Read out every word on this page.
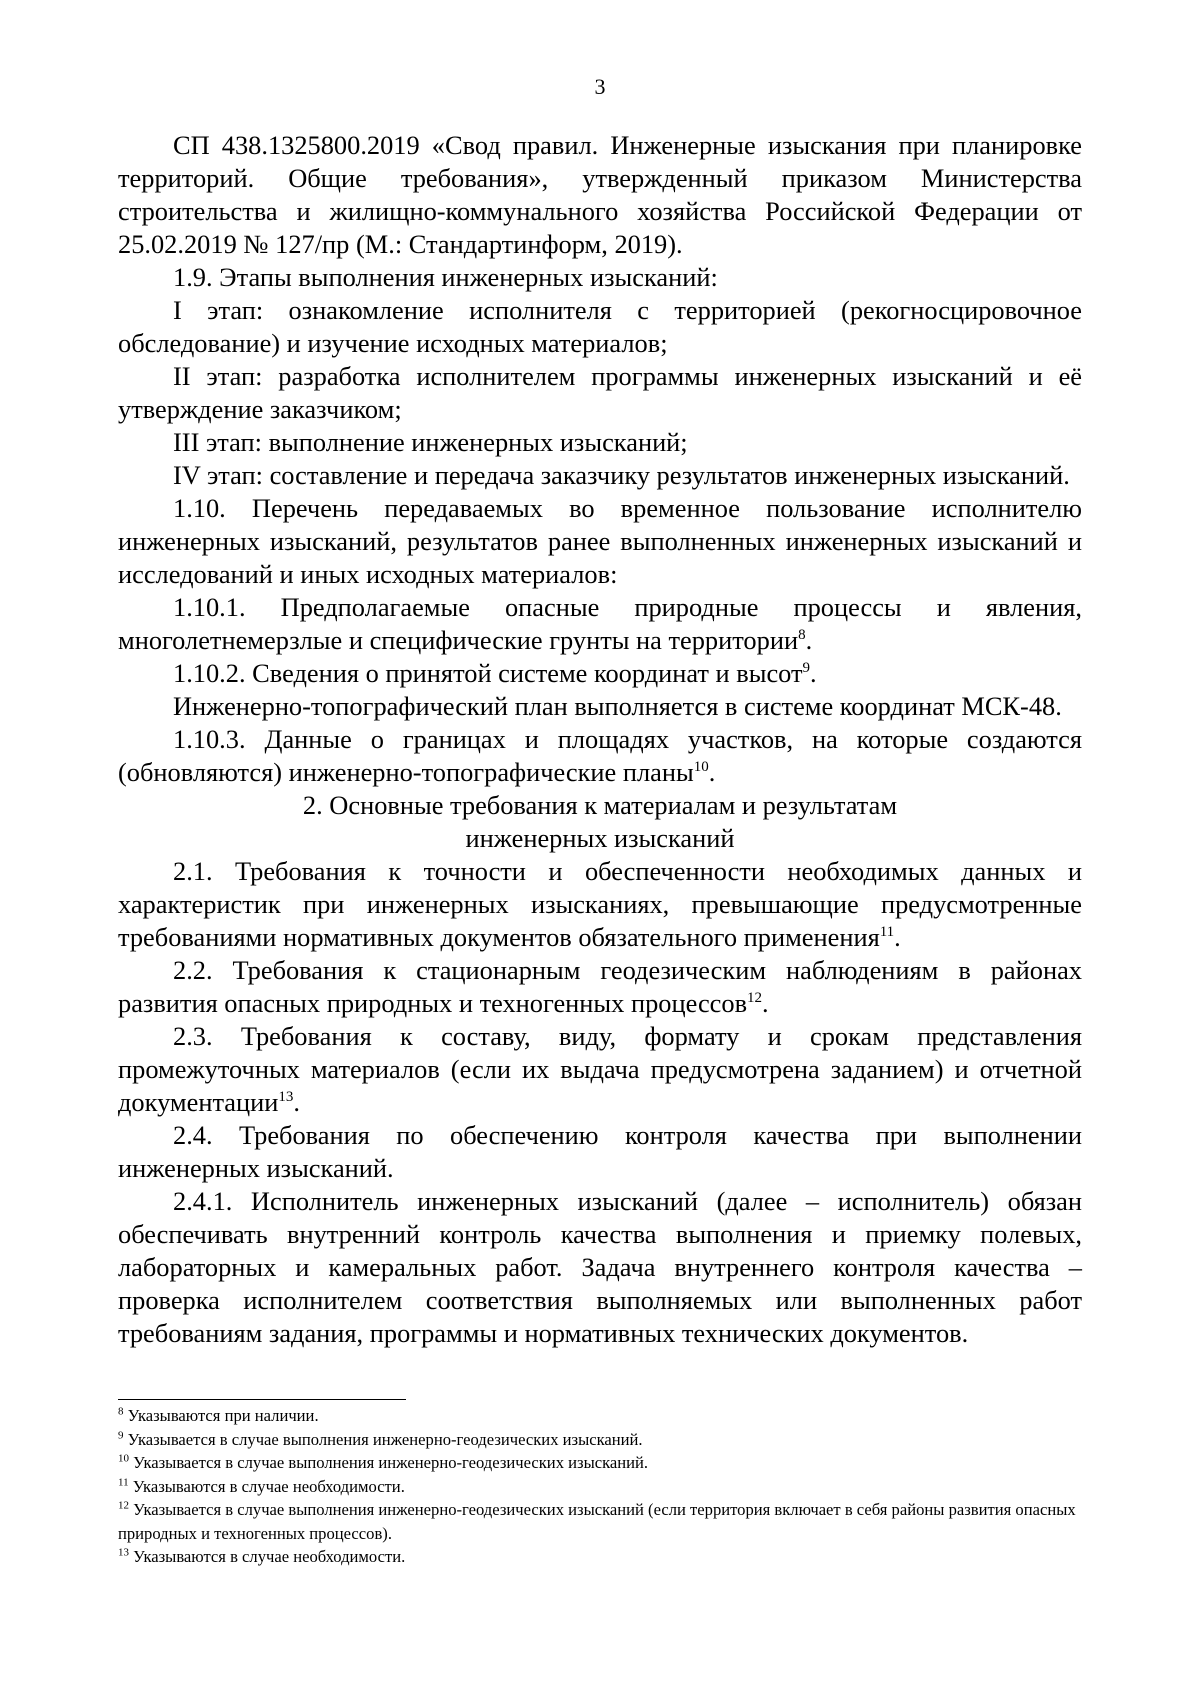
3

СП 438.1325800.2019 «Свод правил. Инженерные изыскания при планировке территорий. Общие требования», утвержденный приказом Министерства строительства и жилищно-коммунального хозяйства Российской Федерации от 25.02.2019 № 127/пр (М.: Стандартинформ, 2019).

1.9. Этапы выполнения инженерных изысканий:

I этап: ознакомление исполнителя с территорией (рекогносцировочное обследование) и изучение исходных материалов;

II этап: разработка исполнителем программы инженерных изысканий и её утверждение заказчиком;

III этап: выполнение инженерных изысканий;

IV этап: составление и передача заказчику результатов инженерных изысканий.

1.10. Перечень передаваемых во временное пользование исполнителю инженерных изысканий, результатов ранее выполненных инженерных изысканий и исследований и иных исходных материалов:

1.10.1. Предполагаемые опасные природные процессы и явления, многолетнемерзлые и специфические грунты на территории$^8$.

1.10.2. Сведения о принятой системе координат и высот$^9$.

Инженерно-топографический план выполняется в системе координат МСК-48.

1.10.3. Данные о границах и площадях участков, на которые создаются (обновляются) инженерно-топографические планы$^{10}$.

2. Основные требования к материалам и результатам
инженерных изысканий

2.1. Требования к точности и обеспеченности необходимых данных и характеристик при инженерных изысканиях, превышающие предусмотренные требованиями нормативных документов обязательного применения$^{11}$.

2.2. Требования к стационарным геодезическим наблюдениям в районах развития опасных природных и техногенных процессов$^{12}$.

2.3. Требования к составу, виду, формату и срокам представления промежуточных материалов (если их выдача предусмотрена заданием) и отчетной документации$^{13}$.

2.4. Требования по обеспечению контроля качества при выполнении инженерных изысканий.

2.4.1. Исполнитель инженерных изысканий (далее – исполнитель) обязан обеспечивать внутренний контроль качества выполнения и приемку полевых, лабораторных и камеральных работ. Задача внутреннего контроля качества – проверка исполнителем соответствия выполняемых или выполненных работ требованиям задания, программы и нормативных технических документов.

$^8$ Указываются при наличии.

$^9$ Указывается в случае выполнения инженерно-геодезических изысканий.

$^{10}$ Указывается в случае выполнения инженерно-геодезических изысканий.

$^{11}$ Указываются в случае необходимости.

$^{12}$ Указывается в случае выполнения инженерно-геодезических изысканий (если территория включает в себя районы развития опасных природных и техногенных процессов).

$^{13}$ Указываются в случае необходимости.
